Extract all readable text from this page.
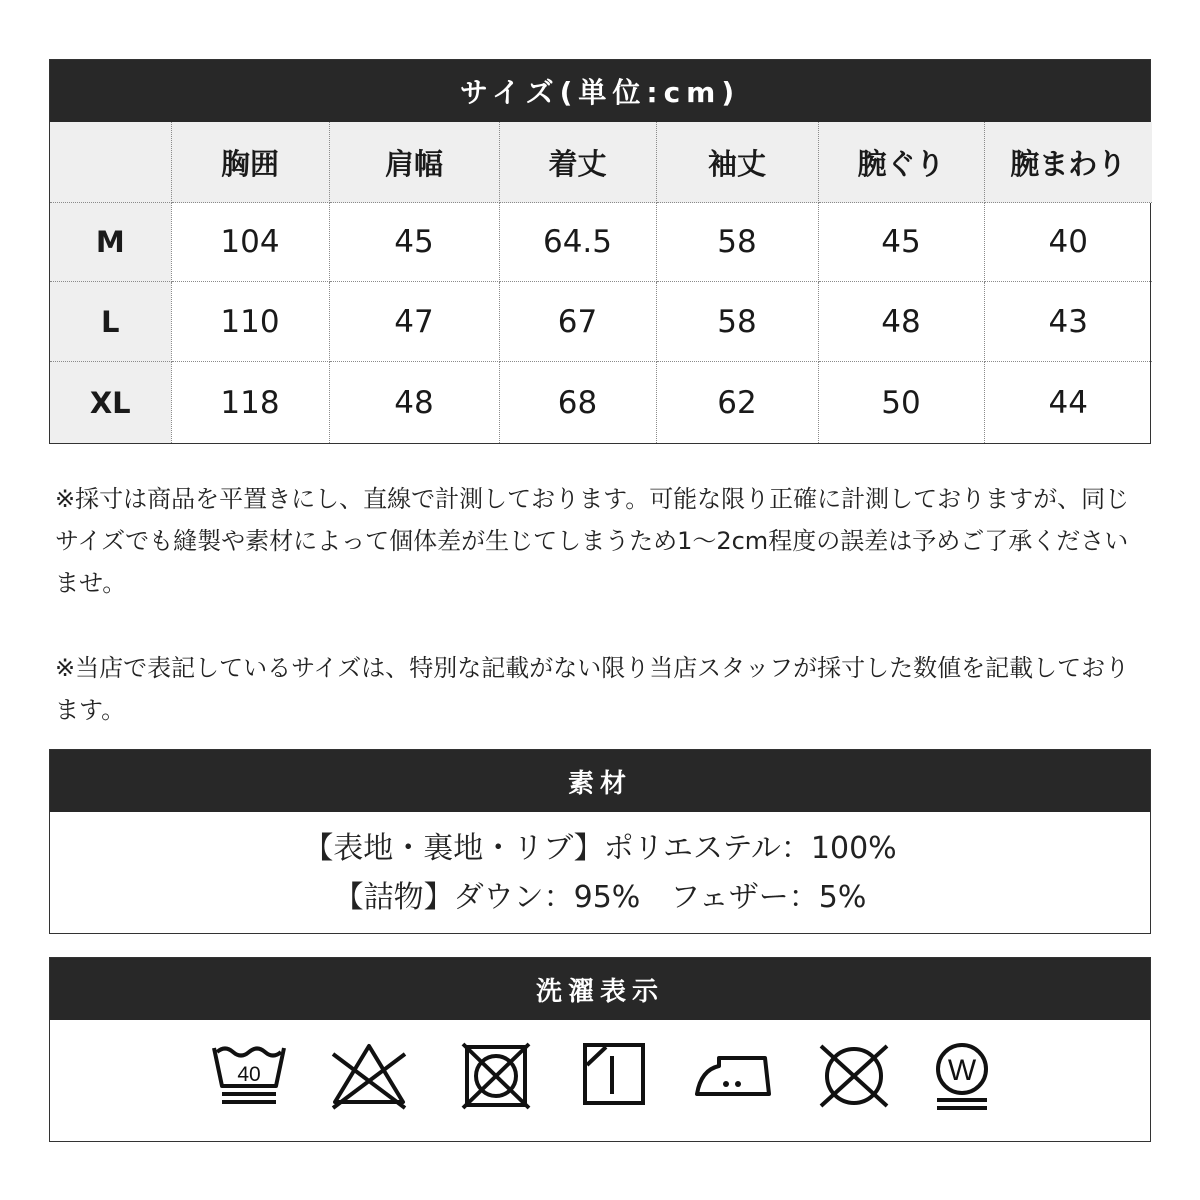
サイズ(単位:cm)
	胸囲	肩幅	着丈	袖丈	腕ぐり	腕まわり
M	104	45	64.5	58	45	40
L	110	47	67	58	48	43
XL	118	48	68	62	50	44
※採寸は商品を平置きにし、直線で計測しております。可能な限り正確に計測しておりますが、同じサイズでも縫製や素材によって個体差が生じてしまうため1〜2cm程度の誤差は予めご了承くださいませ。
※当店で表記しているサイズは、特別な記載がない限り当店スタッフが採寸した数値を記載しております。
素材
【表地・裏地・リブ】ポリエステル：100%
【詰物】ダウン：95%　フェザー：5%
洗濯表示
40	W
